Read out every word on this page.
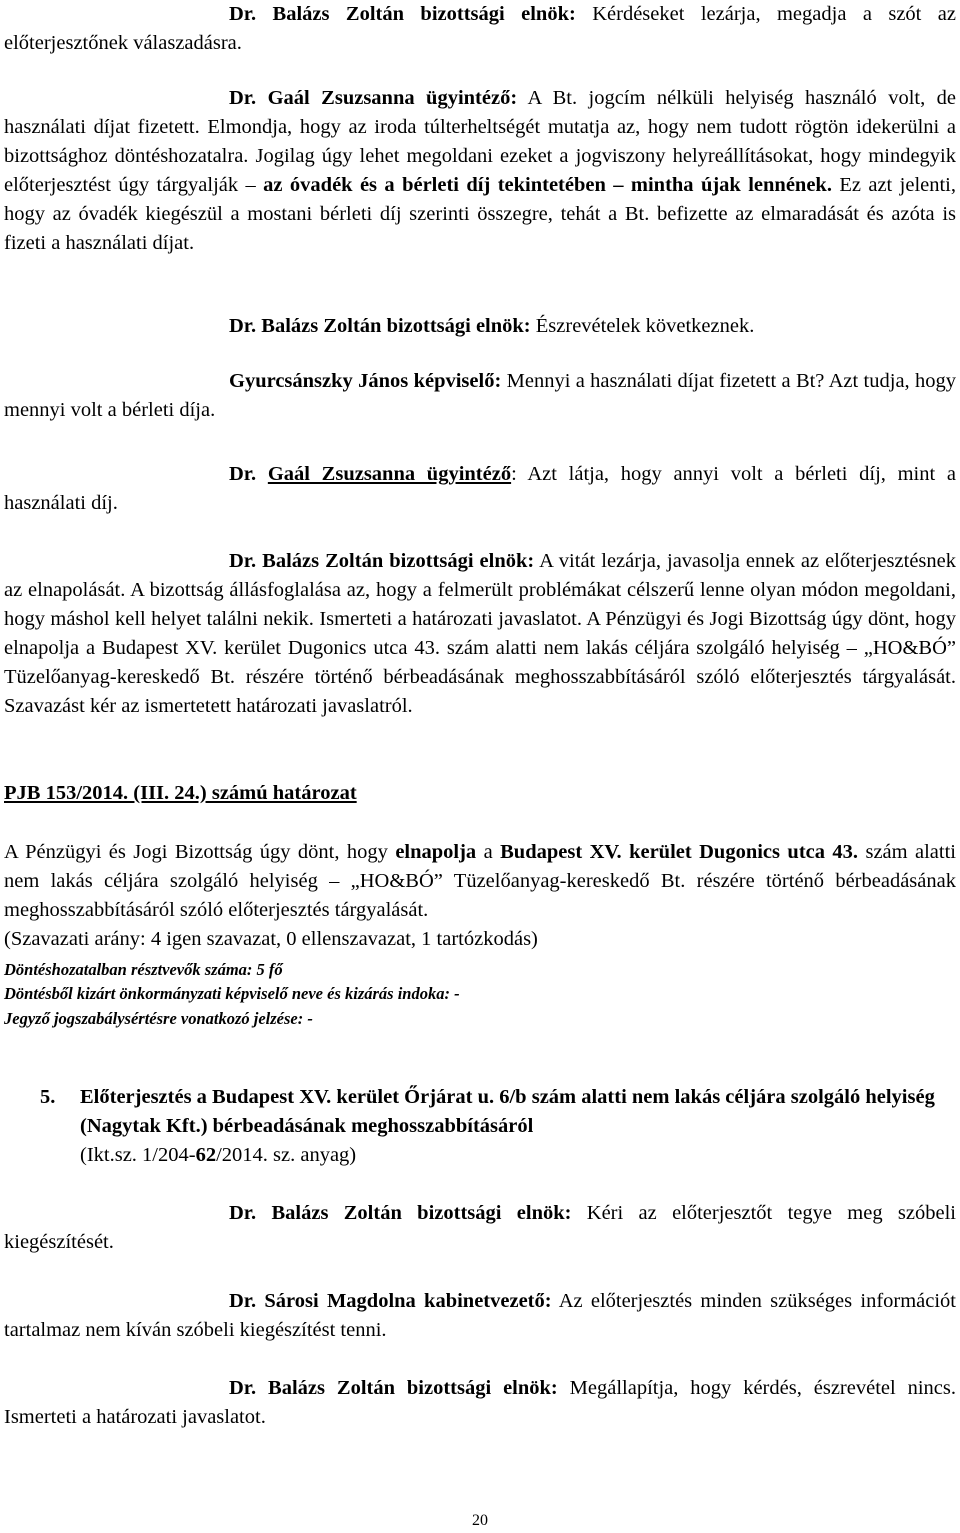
Dr. Balázs Zoltán bizottsági elnök: Kérdéseket lezárja, megadja a szót az előterjesztőnek válaszadásra.

Dr. Gaál Zsuzsanna ügyintéző: A Bt. jogcím nélküli helyiség használó volt, de használati díjat fizetett. Elmondja, hogy az iroda túlterheltségét mutatja az, hogy nem tudott rögtön idekerülni a bizottsághoz döntéshozatalra. Jogilag úgy lehet megoldani ezeket a jogviszony helyreállításokat, hogy mindegyik előterjesztést úgy tárgyalják – az óvadék és a bérleti díj tekintetében – mintha újak lennének. Ez azt jelenti, hogy az óvadék kiegészül a mostani bérleti díj szerinti összegre, tehát a Bt. befizette az elmaradását és azóta is fizeti a használati díjat.

Dr. Balázs Zoltán bizottsági elnök: Észrevételek következnek.

Gyurcsánszky János képviselő: Mennyi a használati díjat fizetett a Bt? Azt tudja, hogy mennyi volt a bérleti díja.

Dr. Gaál Zsuzsanna ügyintéző: Azt látja, hogy annyi volt a bérleti díj, mint a használati díj.

Dr. Balázs Zoltán bizottsági elnök: A vitát lezárja, javasolja ennek az előterjesztésnek az elnapolását. A bizottság állásfoglalása az, hogy a felmerült problémákat célszerű lenne olyan módon megoldani, hogy máshol kell helyet találni nekik. Ismerteti a határozati javaslatot. A Pénzügyi és Jogi Bizottság úgy dönt, hogy elnapolja a Budapest XV. kerület Dugonics utca 43. szám alatti nem lakás céljára szolgáló helyiség – „HO&BÓ” Tüzelőanyag-kereskedő Bt. részére történő bérbeadásának meghosszabbításáról szóló előterjesztés tárgyalását. Szavazást kér az ismertetett határozati javaslatról.

PJB 153/2014. (III. 24.) számú határozat

A Pénzügyi és Jogi Bizottság úgy dönt, hogy elnapolja a Budapest XV. kerület Dugonics utca 43. szám alatti nem lakás céljára szolgáló helyiség – „HO&BÓ” Tüzelőanyag-kereskedő Bt. részére történő bérbeadásának meghosszabbításáról szóló előterjesztés tárgyalását.

(Szavazati arány: 4 igen szavazat, 0 ellenszavazat, 1 tartózkodás)

Döntéshozatalban résztvevők száma: 5 fő

Döntésből kizárt önkormányzati képviselő neve és kizárás indoka: -

Jegyző jogszabálysértésre vonatkozó jelzése: -

5. Előterjesztés a Budapest XV. kerület Őrjárat u. 6/b szám alatti nem lakás céljára szolgáló helyiség (Nagytak Kft.) bérbeadásának meghosszabbításáról
(Ikt.sz. 1/204-62/2014. sz. anyag)

Dr. Balázs Zoltán bizottsági elnök: Kéri az előterjesztőt tegye meg szóbeli kiegészítését.

Dr. Sárosi Magdolna kabinetvezető: Az előterjesztés minden szükséges információt tartalmaz nem kíván szóbeli kiegészítést tenni.

Dr. Balázs Zoltán bizottsági elnök: Megállapítja, hogy kérdés, észrevétel nincs. Ismerteti a határozati javaslatot.

20
